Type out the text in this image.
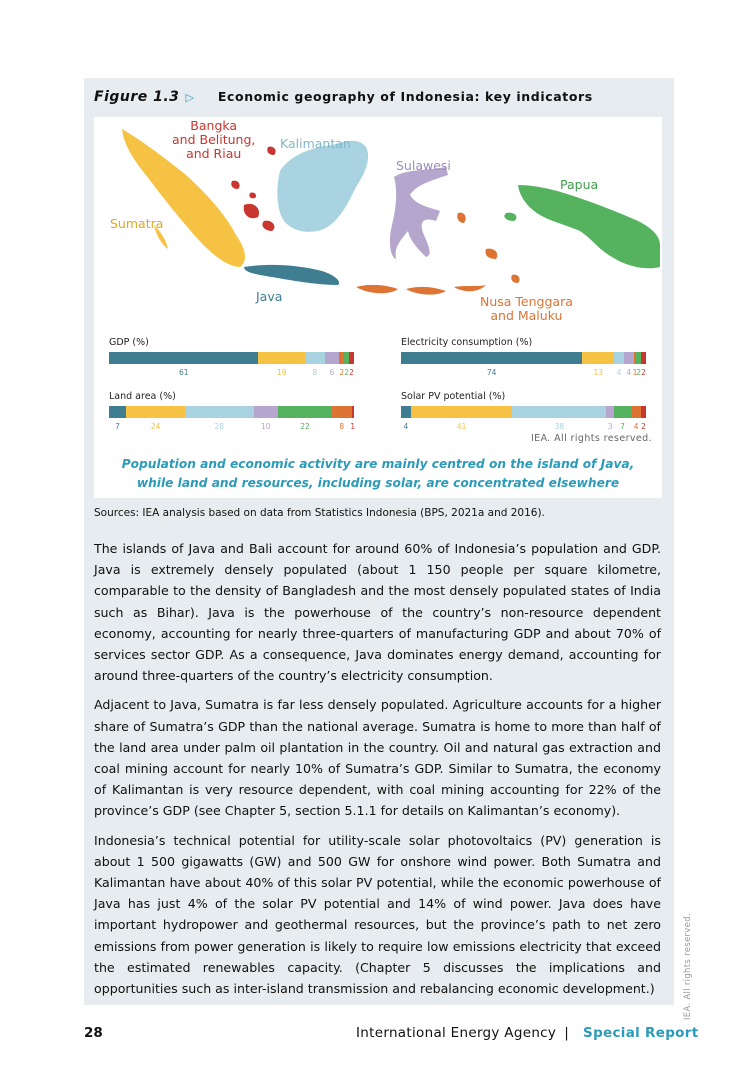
Figure 1.3 ▷ Economic geography of Indonesia: key indicators
Bangka
and Belitung,
and Riau
Kalimantan
Sulawesi
Papua
Sumatra
Java	Nusa Tenggara
and Maluku
GDP (%)
61	19	8 6 2 2 2
Electricity consumption (%)
74	13 4 4 1
2 2
Land area (%)
7	24	28	10	22	8 1
Solar PV potential (%)
4	41	38	3 7 4 2
IEA. All rights reserved.
Population and economic activity are mainly centred on the island of Java,
while land and resources, including solar, are concentrated elsewhere
Sources: IEA analysis based on data from Statistics Indonesia (BPS, 2021a and 2016).

The islands of Java and Bali account for around 60% of Indonesia’s population and GDP. Java is extremely densely populated (about 1 150 people per square kilometre, comparable to the density of Bangladesh and the most densely populated states of India such as Bihar). Java is the powerhouse of the country’s non-resource dependent economy, accounting for nearly three-quarters of manufacturing GDP and about 70% of services sector GDP. As a consequence, Java dominates energy demand, accounting for around three-quarters of the country’s electricity consumption.

Adjacent to Java, Sumatra is far less densely populated. Agriculture accounts for a higher share of Sumatra’s GDP than the national average. Sumatra is home to more than half of the land area under palm oil plantation in the country. Oil and natural gas extraction and coal mining account for nearly 10% of Sumatra’s GDP. Similar to Sumatra, the economy of Kalimantan is very resource dependent, with coal mining accounting for 22% of the province’s GDP (see Chapter 5, section 5.1.1 for details on Kalimantan’s economy).

Indonesia’s technical potential for utility-scale solar photovoltaics (PV) generation is about 1 500 gigawatts (GW) and 500 GW for onshore wind power. Both Sumatra and Kalimantan have about 40% of this solar PV potential, while the economic powerhouse of Java has just 4% of the solar PV potential and 14% of wind power. Java does have important hydropower and geothermal resources, but the province’s path to net zero emissions from power generation is likely to require low emissions electricity that exceed the estimated renewables capacity. (Chapter 5 discusses the implications and opportunities such as inter-island transmission and rebalancing economic development.)

28	International Energy Agency | Special Report
IEA. All rights reserved.
